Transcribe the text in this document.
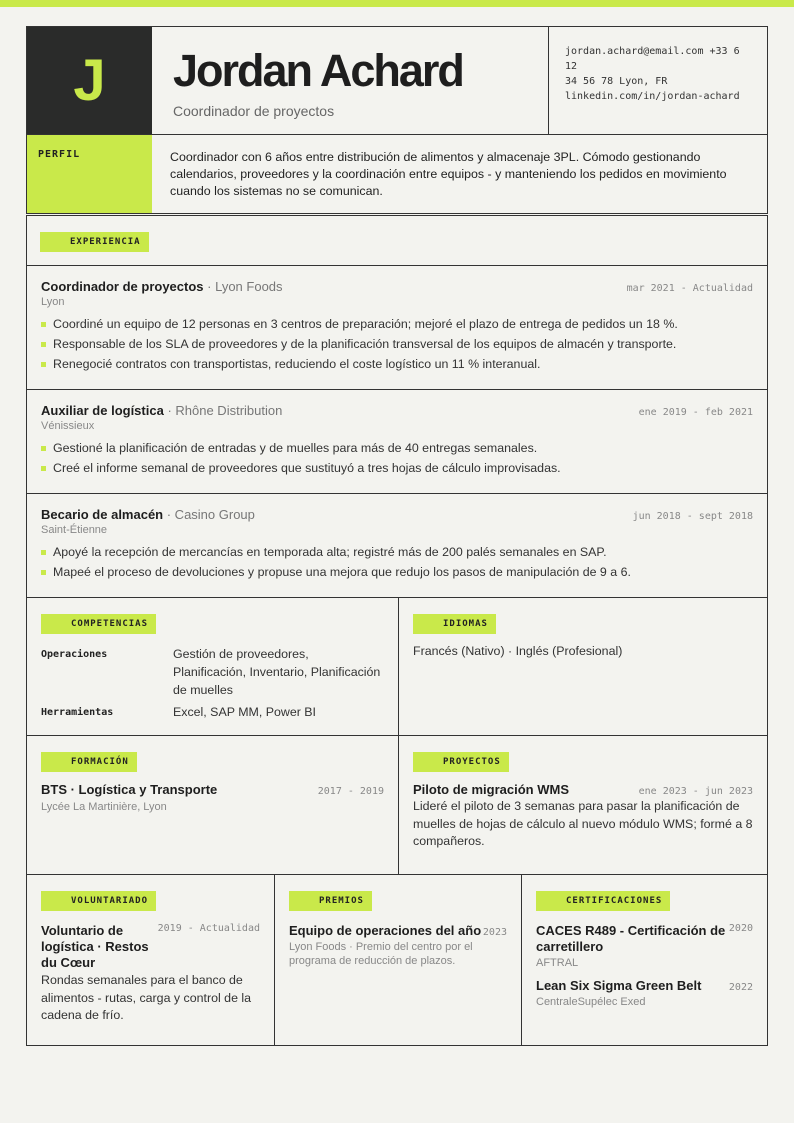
J	Jordan Achard
Coordinador de proyectos
jordan.achard@email.com +33 6 12
34 56 78 Lyon, FR
linkedin.com/in/jordan-achard
PERFIL	Coordinador con 6 años entre distribución de alimentos y almacenaje 3PL. Cómodo gestionando calendarios, proveedores y la coordinación entre equipos - y manteniendo los pedidos en movimiento cuando los sistemas no se comunican.
EXPERIENCIA
Coordinador de proyectos · Lyon Foods	mar 2021 - Actualidad
Lyon
Coordiné un equipo de 12 personas en 3 centros de preparación; mejoré el plazo de entrega de pedidos un 18 %.
Responsable de los SLA de proveedores y de la planificación transversal de los equipos de almacén y transporte.
Renegocié contratos con transportistas, reduciendo el coste logístico un 11 % interanual.
Auxiliar de logística · Rhône Distribution	ene 2019 - feb 2021
Vénissieux
Gestioné la planificación de entradas y de muelles para más de 40 entregas semanales.
Creé el informe semanal de proveedores que sustituyó a tres hojas de cálculo improvisadas.
Becario de almacén · Casino Group	jun 2018 - sept 2018
Saint-Étienne
Apoyé la recepción de mercancías en temporada alta; registré más de 200 palés semanales en SAP.
Mapeé el proceso de devoluciones y propuse una mejora que redujo los pasos de manipulación de 9 a 6.
COMPETENCIAS
Operaciones	Gestión de proveedores, Planificación, Inventario, Planificación de muelles
Herramientas	Excel, SAP MM, Power BI
IDIOMAS
Francés (Nativo) · Inglés (Profesional)
FORMACIÓN
BTS · Logística y Transporte	2017 - 2019
Lycée La Martinière, Lyon
PROYECTOS
Piloto de migración WMS	ene 2023 - jun 2023
Lideré el piloto de 3 semanas para pasar la planificación de muelles de hojas de cálculo al nuevo módulo WMS; formé a 8 compañeros.
VOLUNTARIADO
Voluntario de logística · Restos du Cœur
2019 - Actualidad
Rondas semanales para el banco de alimentos - rutas, carga y control de la cadena de frío.
PREMIOS
Equipo de operaciones del año 2023
Lyon Foods · Premio del centro por el programa de reducción de plazos.
CERTIFICACIONES
CACES R489 - Certificación de carretillero
2020
AFTRAL
Lean Six Sigma Green Belt	2022
CentraleSupélec Exed
